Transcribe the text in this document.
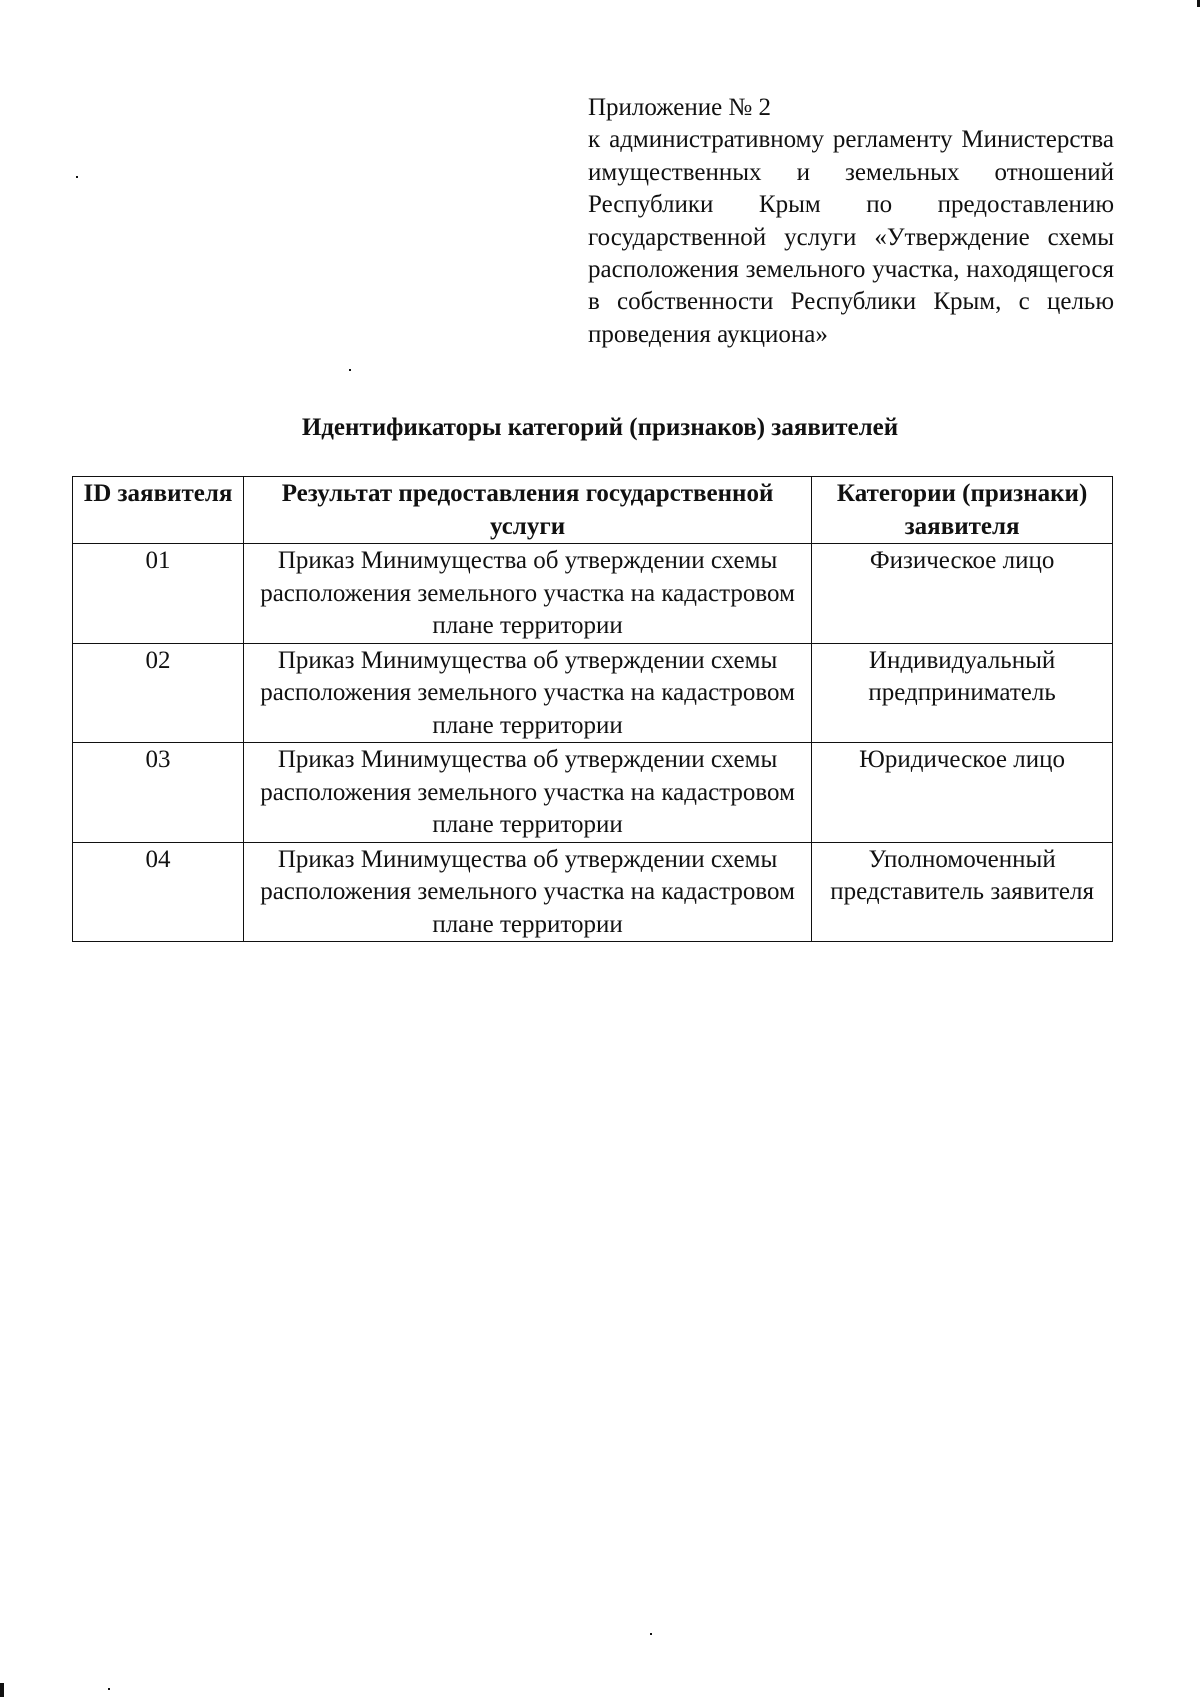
Приложение № 2
к административному регламенту Министерства имущественных и земельных отношений Республики Крым по предоставлению государственной услуги «Утверждение схемы расположения земельного участка, находящегося в собственности Республики Крым, с целью проведения аукциона»
Идентификаторы категорий (признаков) заявителей
ID заявителя	Результат предоставления государственной услуги	Категории (признаки) заявителя
01	Приказ Минимущества об утверждении схемы расположения земельного участка на кадастровом плане территории	Физическое лицо
02	Приказ Минимущества об утверждении схемы расположения земельного участка на кадастровом плане территории	Индивидуальный предприниматель
03	Приказ Минимущества об утверждении схемы расположения земельного участка на кадастровом плане территории	Юридическое лицо
04	Приказ Минимущества об утверждении схемы расположения земельного участка на кадастровом плане территории	Уполномоченный представитель заявителя
